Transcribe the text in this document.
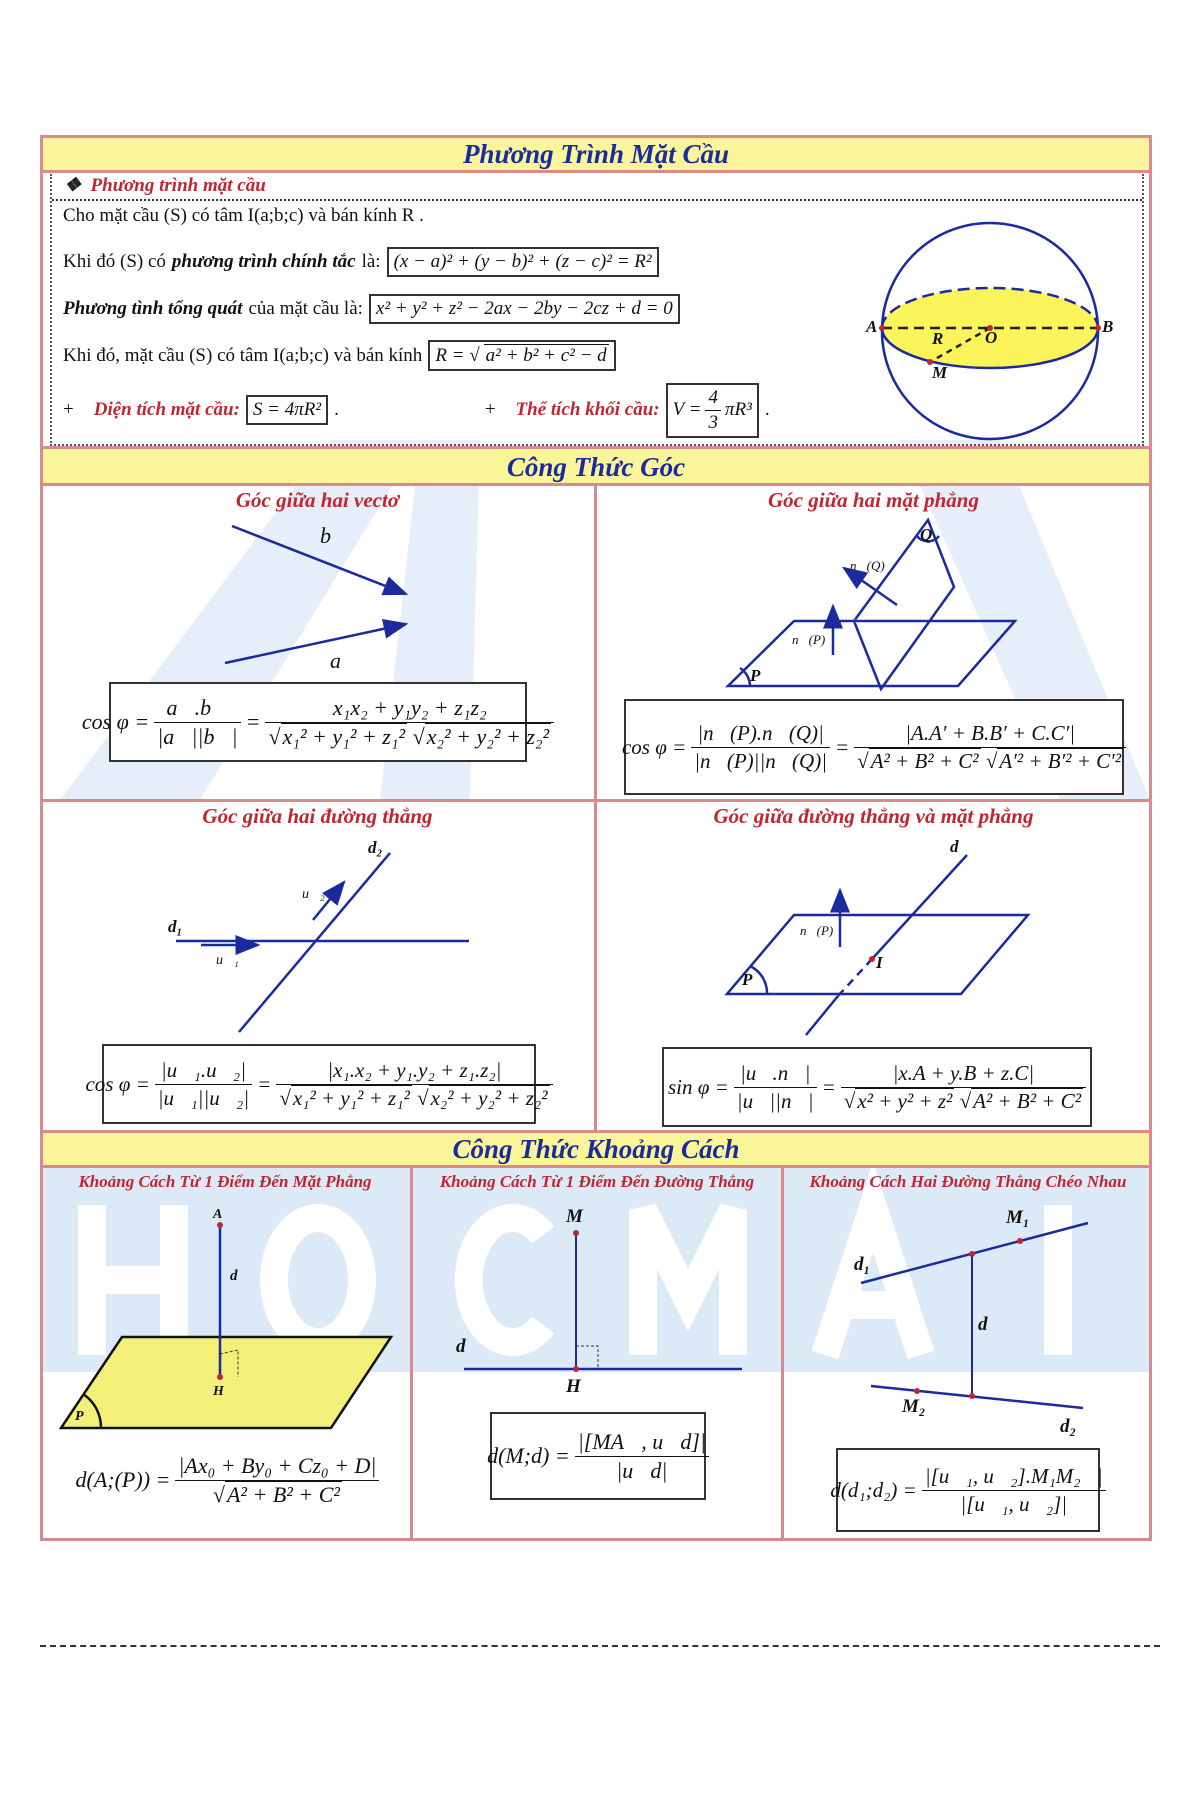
Phương Trình Mặt Cầu
❖  Phương trình mặt cầu
Cho mặt cầu (S) có tâm I(a;b;c) và bán kính R .
Khi đó (S) có phương trình chính tắc là: (x − a)² + (y − b)² + (z − c)² = R²
Phương tình tổng quát của mặt cầu là: x² + y² + z² − 2ax − 2by − 2cz + d = 0
Khi đó, mặt cầu (S) có tâm I(a;b;c) và bán kính R = √ a² + b² + c² − d
+ Diện tích mặt cầu: S = 4πR² .	+ Thể tích khối cầu: $V = \frac{4}{3} \pi R^3$ .
Công Thức Góc
Góc giữa hai vectơ	Góc giữa hai mặt phẳng
Góc giữa hai đường thẳng	Góc giữa đường thẳng và mặt phẳng
$\cos \varphi = \frac{a⃗.b⃗}{|a⃗||b⃗|} = \frac{\text{x₁x₂ + y₁y₂ + z₁z₂}}{\text{√x₁² + y₁² + z₁² √x₂² + y₂² + z₂²}}$	$\cos \varphi = \frac{|n⃗(P).n⃗(Q)|}{|n⃗(P)||n⃗(Q)|} = \frac{|A.A' + B.B' + C.C'|}{\text{√A² + B² + C² √A′² + B′² + C′²}}$
$\cos \varphi = \frac{\text{|u⃗₁.u⃗₂|}}{\text{|u⃗₁||u⃗₂|}} = \frac{\text{|x₁.x₂ + y₁.y₂ + z₁.z₂|}}{\text{√x₁² + y₁² + z₁² √x₂² + y₂² + z₂²}}$	$\sin \varphi = \frac{|u⃗.n⃗|}{|u⃗||n⃗|} = \frac{|x.A + y.B + z.C|}{\text{√x² + y² + z² √A² + B² + C²}}$
Công Thức Khoảng Cách
Khoảng Cách Từ 1 Điểm Đến Mặt Phẳng	Khoảng Cách Từ 1 Điểm Đến Đường Thẳng	Khoảng Cách Hai Đường Thẳng Chéo Nhau
d(A;(P)) = $\frac{\text{|Ax₀ + By₀ + Cz₀ + D|}}{\text{√A² + B² + C²}}$	d(M;d) = $\frac{|[MA⃗, u⃗d]|}{|u⃗d|}$
d(d₁;d₂) = $\frac{\text{|[u⃗₁, u⃗₂].M₁M₂⃗|}}{\text{|[u⃗₁, u⃗₂]|}}$
A	B
O
R
M
b⃗
a⃗
Q
P
n⃗(Q)
n⃗(P)
d₁
d₂
u⃗₁
u⃗₂
d
n⃗(P)
I
P
A
d
H
P
M
d
H
M₁
d₁
d
M₂
d₂
